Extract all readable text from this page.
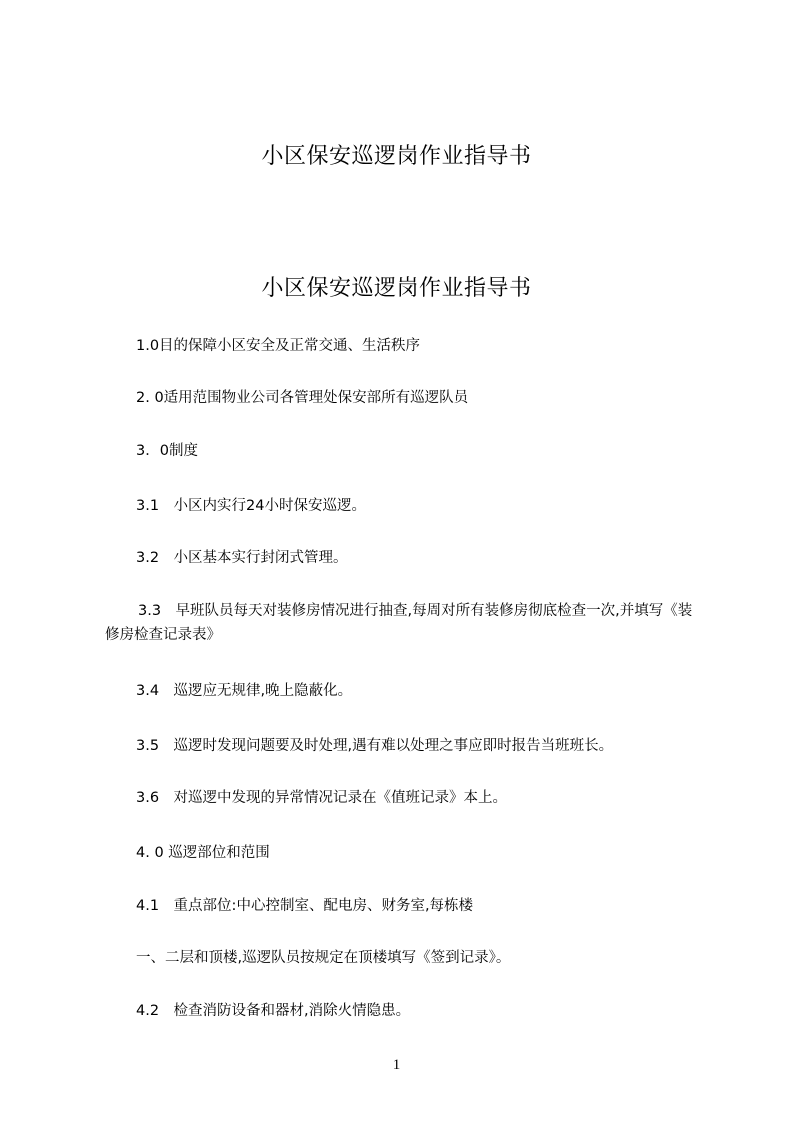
小区保安巡逻岗作业指导书
小区保安巡逻岗作业指导书

1.0目的保障小区安全及正常交通、生活秩序

2. 0适用范围物业公司各管理处保安部所有巡逻队员

3．0制度

3.1　小区内实行24小时保安巡逻。

3.2　小区基本实行封闭式管理。

3.3　早班队员每天对装修房情况进行抽查,每周对所有装修房彻底检查一次,并填写《装修房检查记录表》

3.4　巡逻应无规律,晚上隐蔽化。

3.5　巡逻时发现问题要及时处理,遇有难以处理之事应即时报告当班班长。

3.6　对巡逻中发现的异常情况记录在《值班记录》本上。

4. 0 巡逻部位和范围

4.1　重点部位:中心控制室、配电房、财务室,每栋楼

一、二层和顶楼,巡逻队员按规定在顶楼填写《签到记录》。

4.2　检查消防设备和器材,消除火情隐患。

1
